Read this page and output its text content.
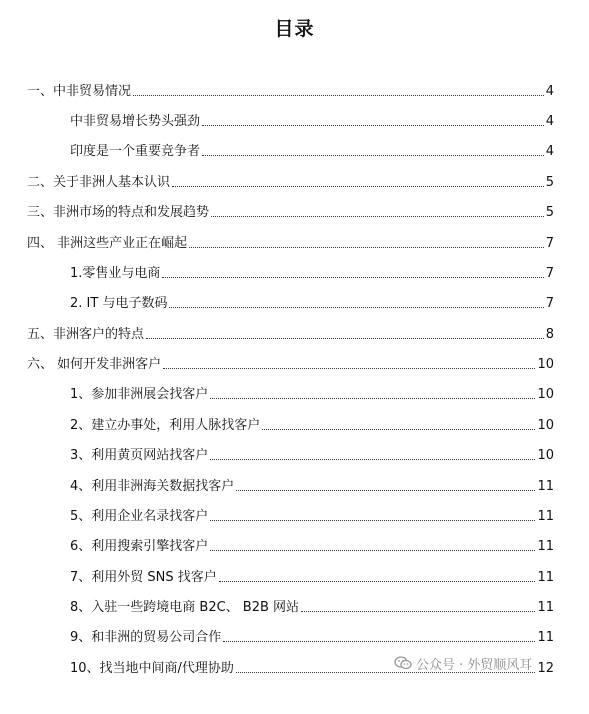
目录
一、中非贸易情况	4
中非贸易增长势头强劲	4
印度是一个重要竞争者	4
二、关于非洲人基本认识	5
三、非洲市场的特点和发展趋势	5
四、 非洲这些产业正在崛起	7
1.零售业与电商	7
2. IT 与电子数码	7
五、非洲客户的特点	8
六、 如何开发非洲客户	10
1、参加非洲展会找客户	10
2、建立办事处，利用人脉找客户	10
3、利用黄页网站找客户	10
4、利用非洲海关数据找客户	11
5、利用企业名录找客户	11
6、利用搜索引擎找客户	11
7、利用外贸 SNS 找客户	11
8、入驻一些跨境电商 B2C、 B2B 网站	11
9、和非洲的贸易公司合作	11
10、找当地中间商/代理协助	12
公众号 · 外贸顺风耳
